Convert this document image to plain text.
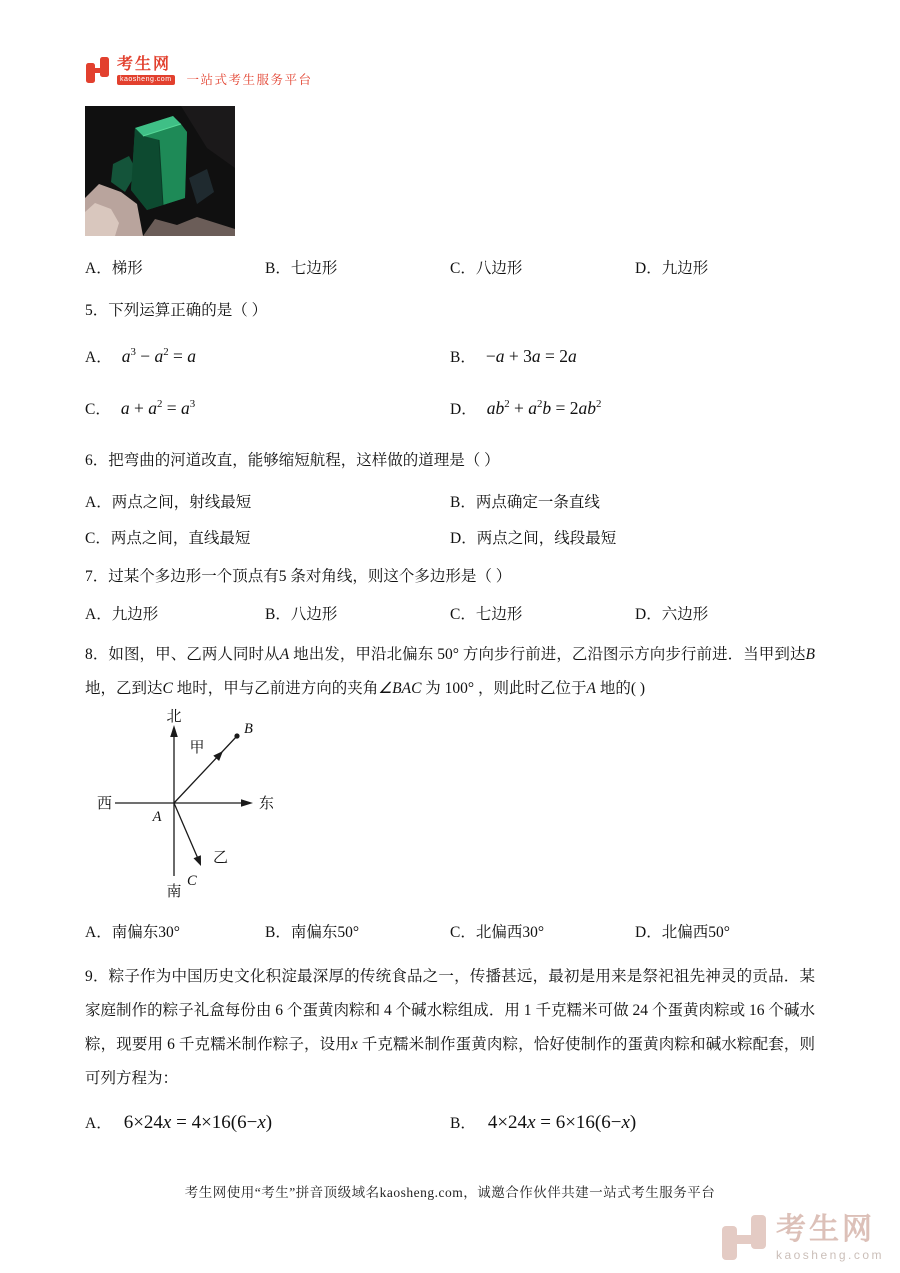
考生网
kaosheng.com 一站式考生服务平台
A． 梯形	B． 七边形	C． 八边形	D． 九边形
5．下列运算正确的是（ ）
A． $a^3 - a^2 = a$	B． −a + 3a = 2a
C． $a + a^2 = a^3$	D． $ab^2 + a^2b = 2ab^2$
6．把弯曲的河道改直，能够缩短航程，这样做的道理是（ ）
A． 两点之间，射线最短	B． 两点确定一条直线
C． 两点之间，直线最短	D． 两点之间，线段最短
7．过某个多边形一个顶点有5 条对角线，则这个多边形是（ ）
A． 九边形	B． 八边形	C． 七边形	D． 六边形
8．如图，甲、乙两人同时从A 地出发，甲沿北偏东 50° 方向步行前进，乙沿图示方向步行前进．当甲到达B 地，乙到达C 地时，甲与乙前进方向的夹角∠BAC 为 100° ，则此时乙位于A 地的( )
北
西	东
南
A
B
C
甲
乙
A． 南偏东30°	B． 南偏东50°	C． 北偏西30°	D． 北偏西50°
9．粽子作为中国历史文化积淀最深厚的传统食品之一，传播甚远，最初是用来是祭祀祖先神灵的贡品．某家庭制作的粽子礼盒每份由 6 个蛋黄肉粽和 4 个碱水粽组成．用 1 千克糯米可做 24 个蛋黄肉粽或 16 个碱水粽，现要用 6 千克糯米制作粽子，设用x 千克糯米制作蛋黄肉粽，恰好使制作的蛋黄肉粽和碱水粽配套，则可列方程为：
A． 6×24x = 4×16(6−x)	B． 4×24x = 6×16(6−x)
考生网使用“考生”拼音顶级域名kaosheng.com，诚邀合作伙伴共建一站式考生服务平台
考生网
kaosheng.com
